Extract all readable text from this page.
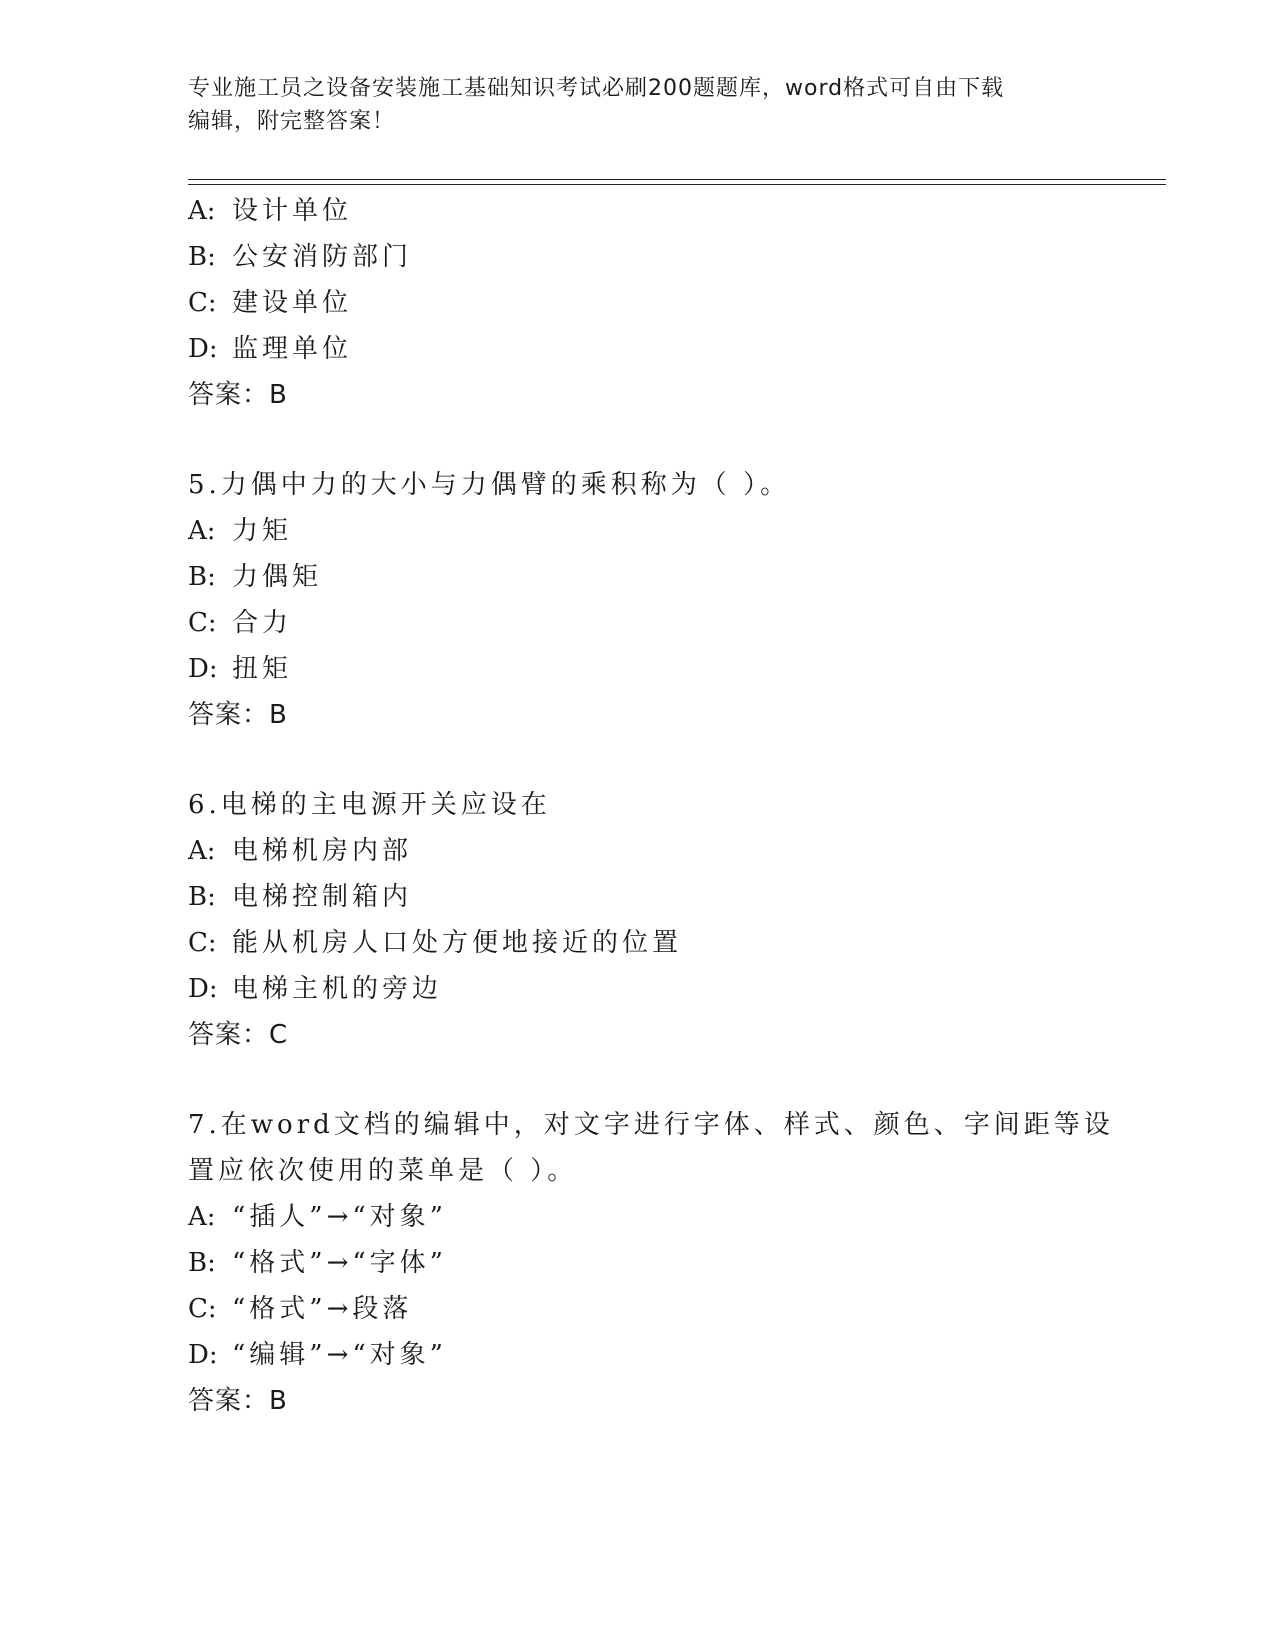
专业施工员之设备安装施工基础知识考试必刷200题题库，word格式可自由下载
编辑，附完整答案！
A: 设计单位
B: 公安消防部门
C: 建设单位
D: 监理单位
答案：B
5.力偶中力的大小与力偶臂的乘积称为（ ）。
A: 力矩
B: 力偶矩
C: 合力
D: 扭矩
答案：B
6.电梯的主电源开关应设在
A: 电梯机房内部
B: 电梯控制箱内
C: 能从机房人口处方便地接近的位置
D: 电梯主机的旁边
答案：C
7.在word文档的编辑中，对文字进行字体、样式、颜色、字间距等设
置应依次使用的菜单是（ ）。
A: “插人”→“对象”
B: “格式”→“字体”
C: “格式”→段落
D: “编辑”→“对象”
答案：B
